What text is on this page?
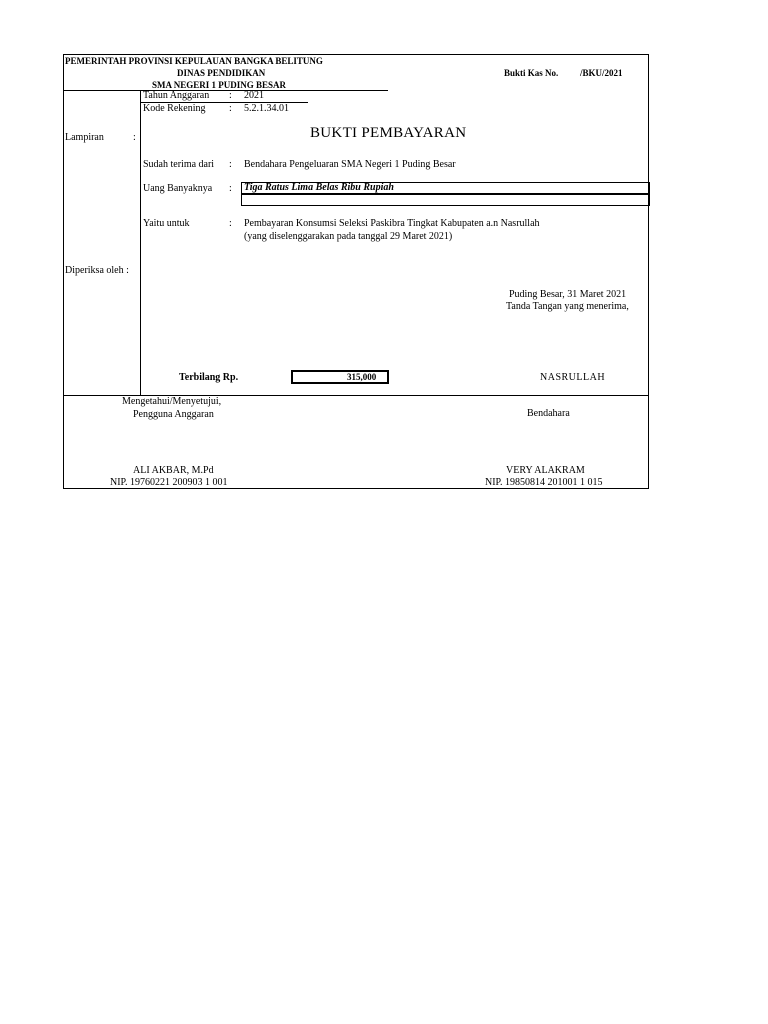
PEMERINTAH PROVINSI KEPULAUAN BANGKA BELITUNG
DINAS PENDIDIKAN	Bukti Kas No. /BKU/2021
SMA NEGERI 1 PUDING BESAR
Tahun Anggaran : 2021
Kode Rekening : 5.2.1.34.01
Lampiran	:
Diperiksa oleh :
BUKTI PEMBAYARAN
Sudah terima dari : Bendahara Pengeluaran SMA Negeri 1 Puding Besar
Uang Banyaknya : Tiga Ratus Lima Belas Ribu Rupiah
Yaitu untuk	: Pembayaran Konsumsi Seleksi Paskibra Tingkat Kabupaten a.n Nasrullah
(yang diselenggarakan pada tanggal 29 Maret 2021)
Puding Besar, 31 Maret 2021
Tanda Tangan yang menerima,
Terbilang Rp.	315,000	NASRULLAH
Mengetahui/Menyetujui,
Pengguna Anggaran
ALI AKBAR, M.Pd
NIP. 19760221 200903 1 001
Bendahara
VERY ALAKRAM
NIP. 19850814 201001 1 015
